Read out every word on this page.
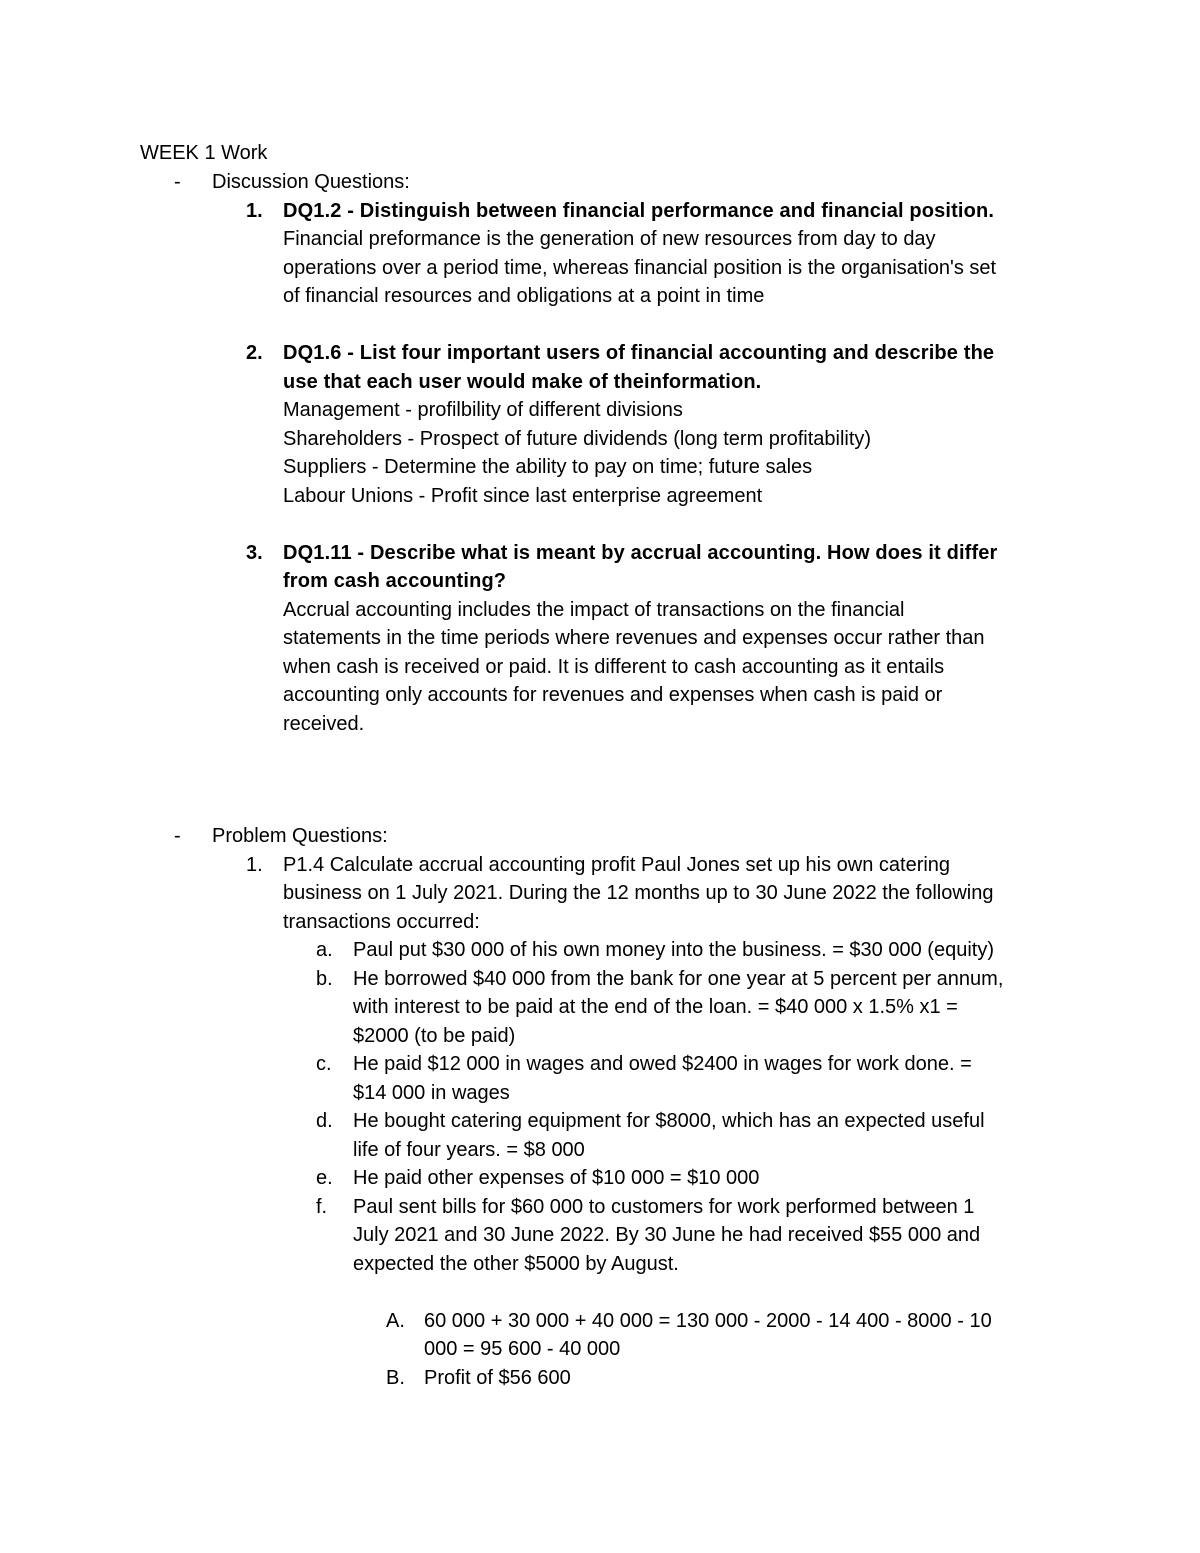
WEEK 1 Work
- Discussion Questions:
1. DQ1.2 - Distinguish between financial performance and financial position.
Financial preformance is the generation of new resources from day to day
operations over a period time, whereas financial position is the organisation's set
of financial resources and obligations at a point in time
2. DQ1.6 - List four important users of financial accounting and describe the
use that each user would make of theinformation.
Management - profilbility of different divisions
Shareholders - Prospect of future dividends (long term profitability)
Suppliers - Determine the ability to pay on time; future sales
Labour Unions - Profit since last enterprise agreement
3. DQ1.11 - Describe what is meant by accrual accounting. How does it differ
from cash accounting?
Accrual accounting includes the impact of transactions on the financial
statements in the time periods where revenues and expenses occur rather than
when cash is received or paid. It is different to cash accounting as it entails
accounting only accounts for revenues and expenses when cash is paid or
received.
- Problem Questions:
1. P1.4 Calculate accrual accounting profit Paul Jones set up his own catering
business on 1 July 2021. During the 12 months up to 30 June 2022 the following
transactions occurred:
a. Paul put $30 000 of his own money into the business. = $30 000 (equity)
b. He borrowed $40 000 from the bank for one year at 5 percent per annum,
with interest to be paid at the end of the loan. = $40 000 x 1.5% x1 =
$2000 (to be paid)
c. He paid $12 000 in wages and owed $2400 in wages for work done. =
$14 000 in wages
d. He bought catering equipment for $8000, which has an expected useful
life of four years. = $8 000
e. He paid other expenses of $10 000 = $10 000
f. Paul sent bills for $60 000 to customers for work performed between 1
July 2021 and 30 June 2022. By 30 June he had received $55 000 and
expected the other $5000 by August.
A. 60 000 + 30 000 + 40 000 = 130 000 - 2000 - 14 400 - 8000 - 10
000 = 95 600 - 40 000
B. Profit of $56 600
